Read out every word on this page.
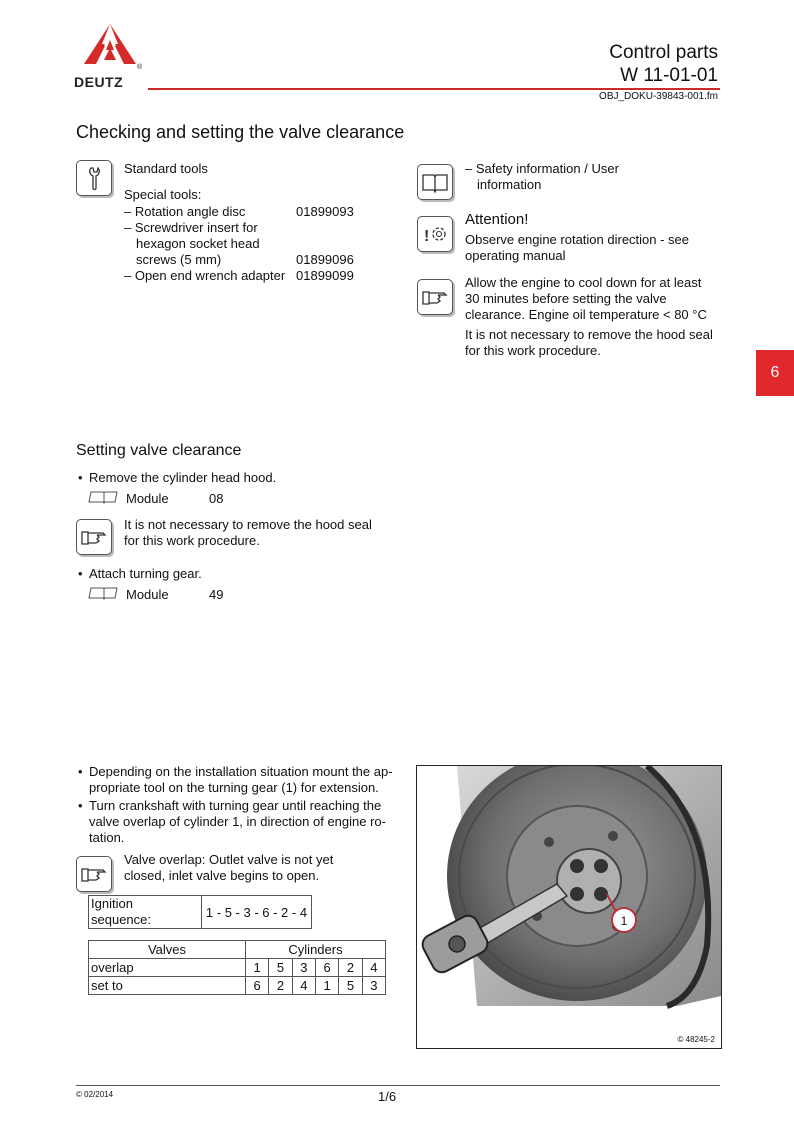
DEUTZ
®
Control parts
W 11-01-01
OBJ_DOKU-39843-001.fm
Checking and setting the valve clearance
Standard tools
Special tools:
– Rotation angle disc	01899093
– Screwdriver insert for
hexagon socket head
screws (5 mm)	01899096
– Open end wrench adapter 01899099
– Safety information / User
information
!
Attention!
Observe engine rotation direction - see
operating manual
Allow the engine to cool down for at least
30 minutes before setting the valve
clearance. Engine oil temperature < 80 °C
It is not necessary to remove the hood seal
for this work procedure.
6
Setting valve clearance
• Remove the cylinder head hood.
Module	08
It is not necessary to remove the hood seal
for this work procedure.
• Attach turning gear.
Module	49
• Depending on the installation situation mount the ap-
propriate tool on the turning gear (1) for extension.
• Turn crankshaft with turning gear until reaching the
valve overlap of cylinder 1, in direction of engine ro-
tation.
Valve overlap: Outlet valve is not yet
closed, inlet valve begins to open.
Ignition
sequence:	1 - 5 - 3 - 6 - 2 - 4
Valves	Cylinders					
overlap	1	5	3	6	2	4
set to	6	2	4	1	5	3
1
© 48245-2
© 02/2014	1/6
